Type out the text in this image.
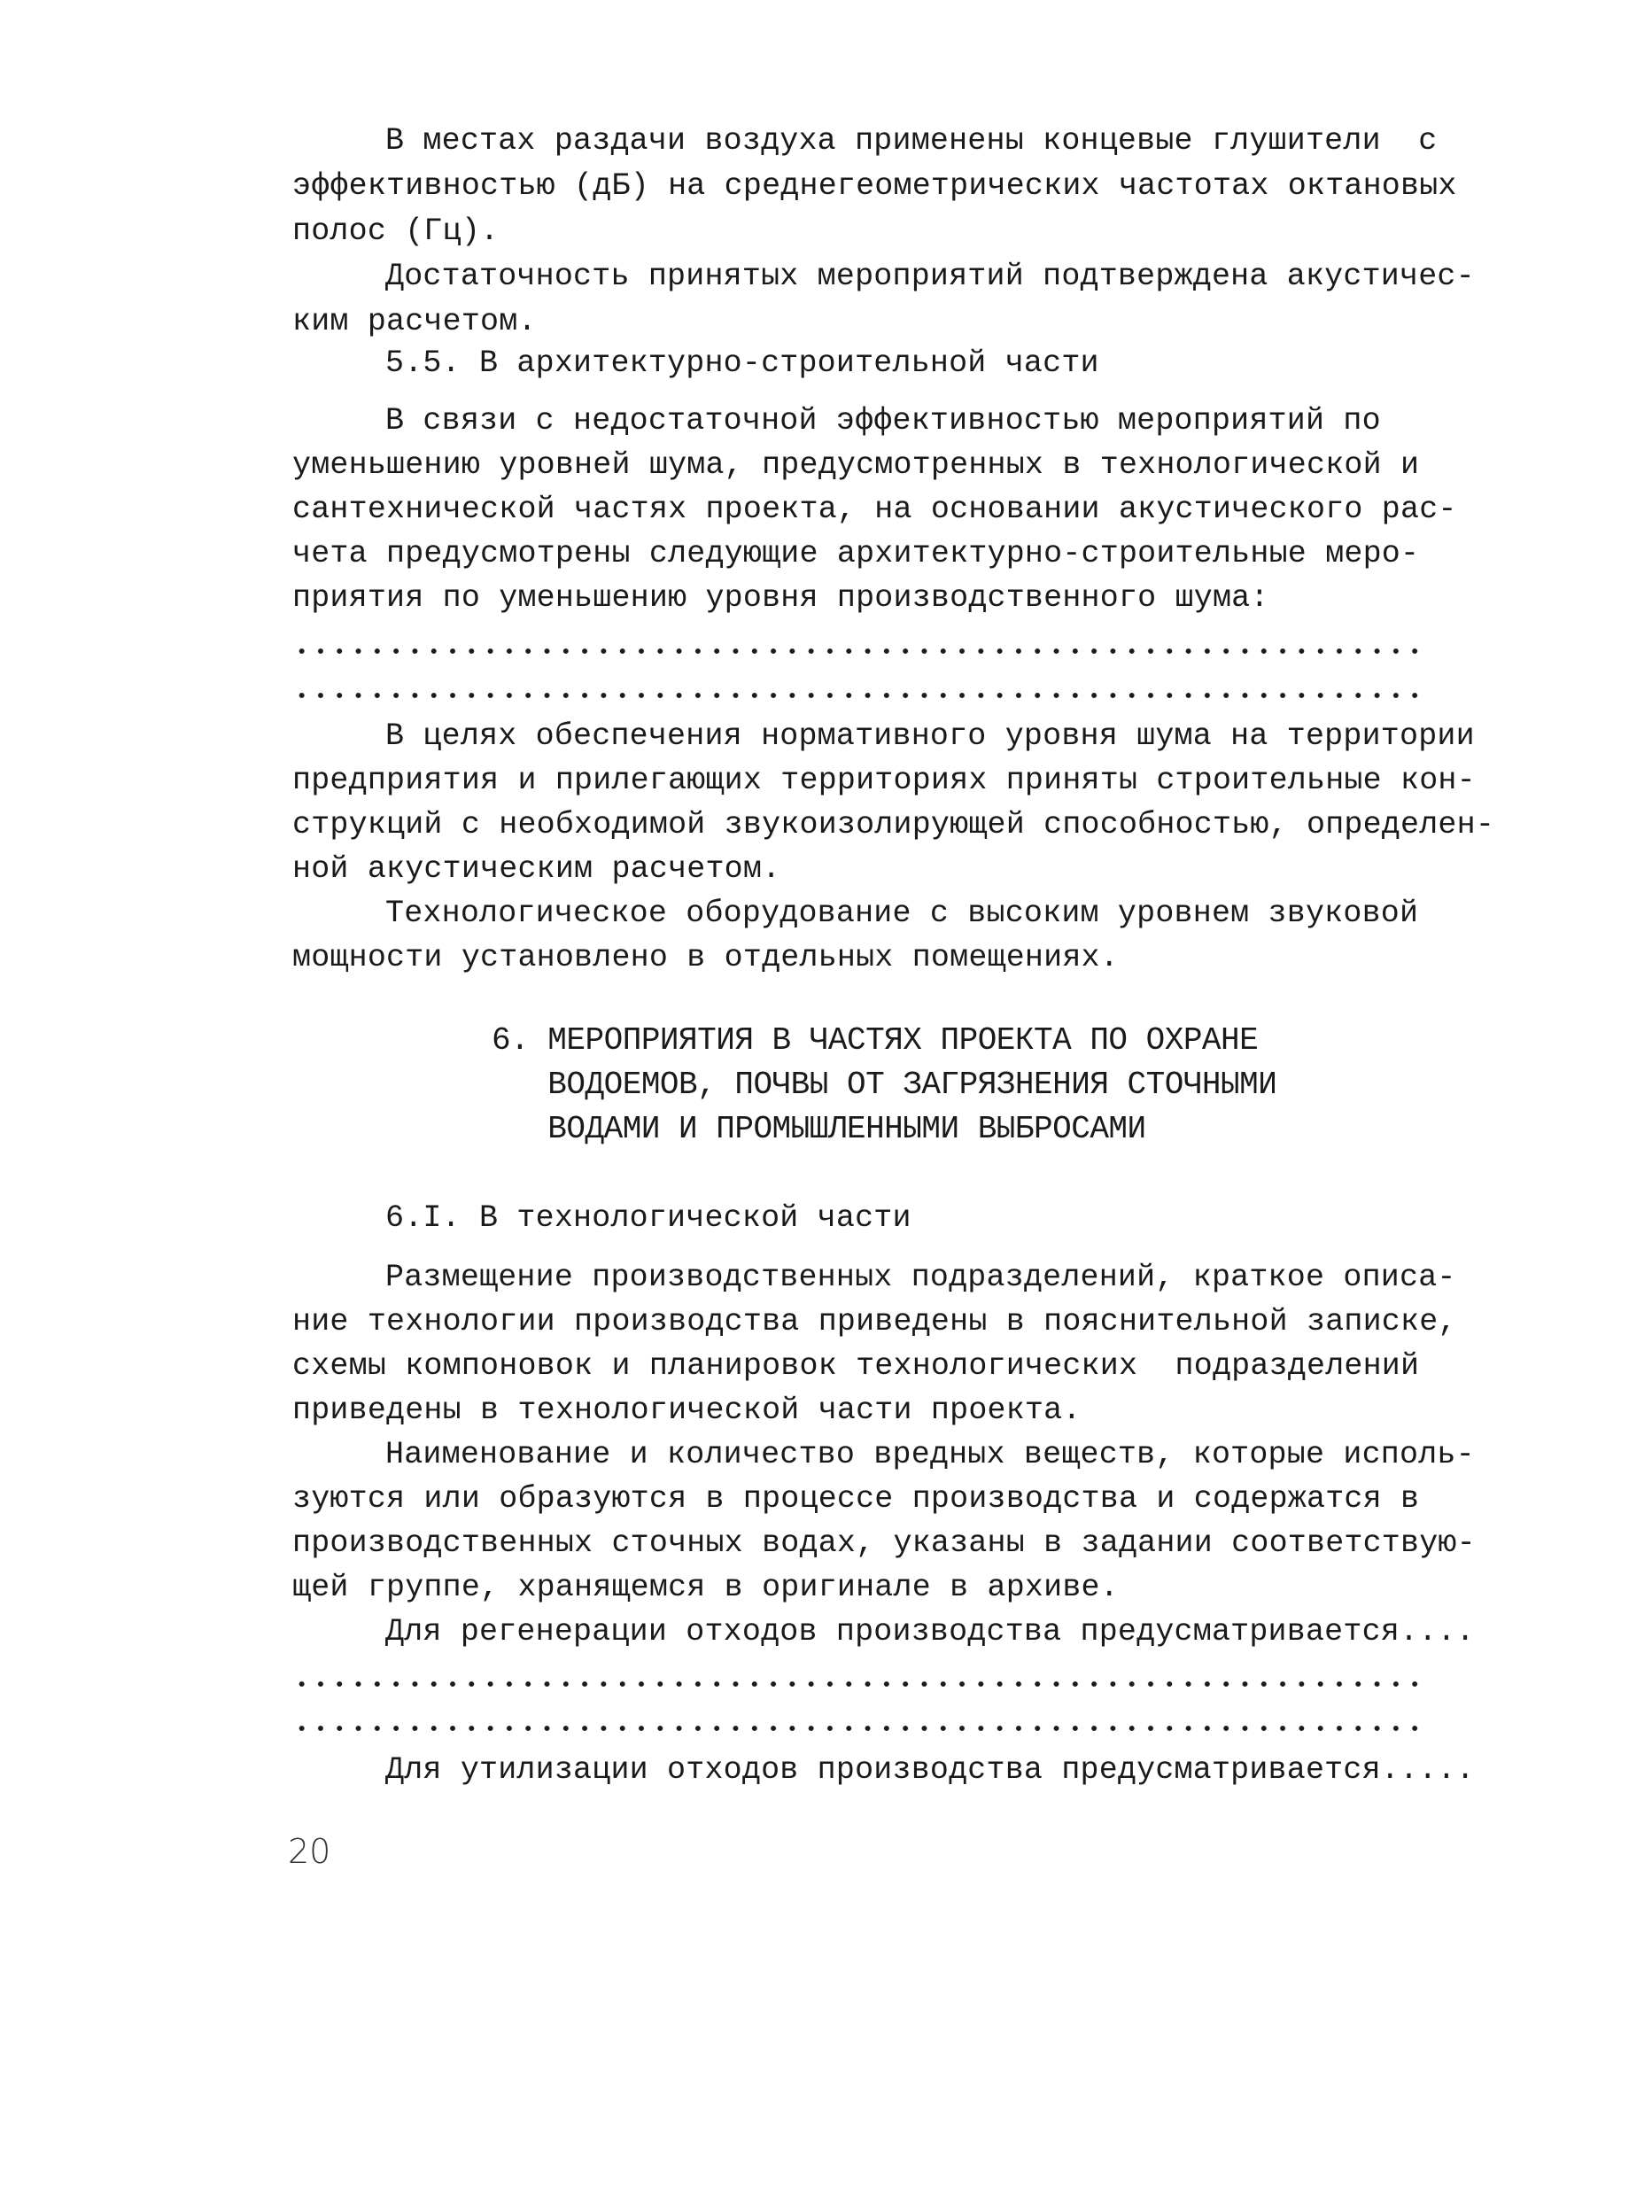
В местах раздачи воздуха применены концевые глушители  с
эффективностью (дБ) на среднегеометрических частотах октановых
полос (Гц).
Достаточность принятых мероприятий подтверждена акустичес-
ким расчетом.
5.5. В архитектурно-строительной части
В связи с недостаточной эффективностью мероприятий по
уменьшению уровней шума, предусмотренных в технологической и
сантехнической частях проекта, на основании акустического рас-
чета предусмотрены следующие архитектурно-строительные меро-
приятия по уменьшению уровня производственного шума:
В целях обеспечения нормативного уровня шума на территории
предприятия и прилегающих территориях приняты строительные кон-
струкций с необходимой звукоизолирующей способностью, определен-
ной акустическим расчетом.
Технологическое оборудование с высоким уровнем звуковой
мощности установлено в отдельных помещениях.
6. МЕРОПРИЯТИЯ В ЧАСТЯХ ПРОЕКТА ПО ОХРАНЕ
ВОДОЕМОВ, ПОЧВЫ ОТ ЗАГРЯЗНЕНИЯ СТОЧНЫМИ
ВОДАМИ И ПРОМЫШЛЕННЫМИ ВЫБРОСАМИ
6.I. В технологической части
Размещение производственных подразделений, краткое описа-
ние технологии производства приведены в пояснительной записке,
схемы компоновок и планировок технологических  подразделений
приведены в технологической части проекта.
Наименование и количество вредных веществ, которые исполь-
зуются или образуются в процессе производства и содержатся в
производственных сточных водах, указаны в задании соответствую-
щей группе, хранящемся в оригинале в архиве.
Для регенерации отходов производства предусматривается....
Для утилизации отходов производства предусматривается.....
20
